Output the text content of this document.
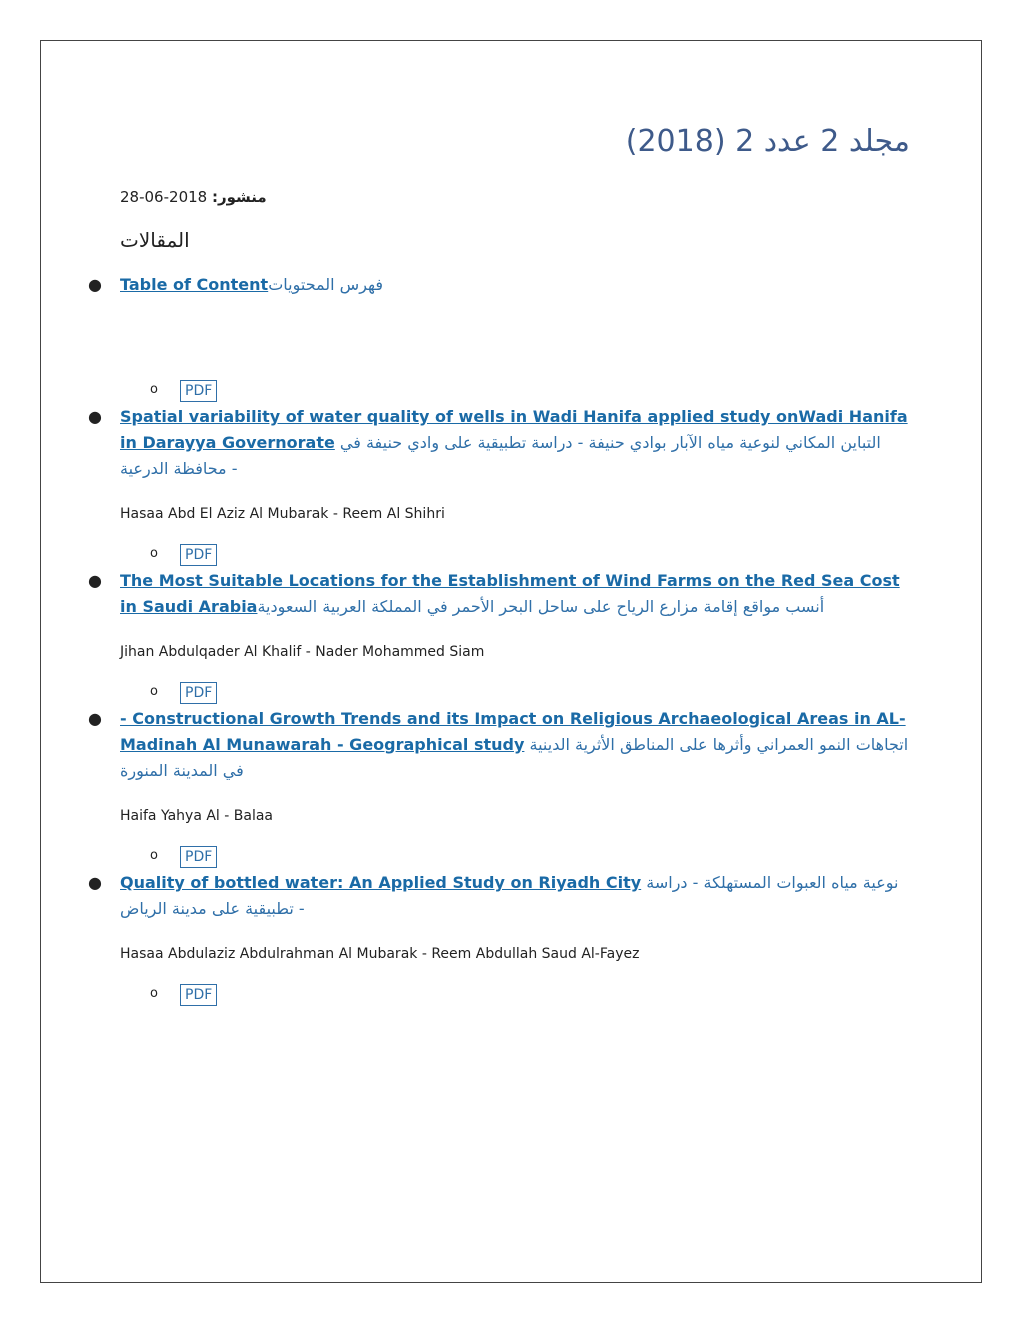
مجلد 2 عدد 2 (2018)
منشور: 2018-06-28
المقالات
● Table of Contentفهرس المحتويات
o	PDF
● Spatial variability of water quality of wells in Wadi Hanifa applied study onWadi Hanifa in Darayya Governorate التباين المكاني لنوعية مياه الآبار بوادي حنيفة - دراسة تطبيقية على وادي حنيفة في محافظة الدرعية -
Hasaa Abd El Aziz Al Mubarak - Reem Al Shihri
o	PDF
● The Most Suitable Locations for the Establishment of Wind Farms on the Red Sea Cost in Saudi Arabiaأنسب مواقع إقامة مزارع الرياح على ساحل البحر الأحمر في المملكة العربية السعودية
Jihan Abdulqader Al Khalif - Nader Mohammed Siam
o	PDF
● - Constructional Growth Trends and its Impact on Religious Archaeological Areas in AL-Madinah Al Munawarah - Geographical study اتجاهات النمو العمراني وأثرها على المناطق الأثرية الدينية في المدينة المنورة
Haifa Yahya Al - Balaa
o	PDF
● Quality of bottled water: An Applied Study on Riyadh City نوعية مياه العبوات المستهلكة - دراسة تطبيقية على مدينة الرياض -
Hasaa Abdulaziz Abdulrahman Al Mubarak - Reem Abdullah Saud Al-Fayez
o	PDF
